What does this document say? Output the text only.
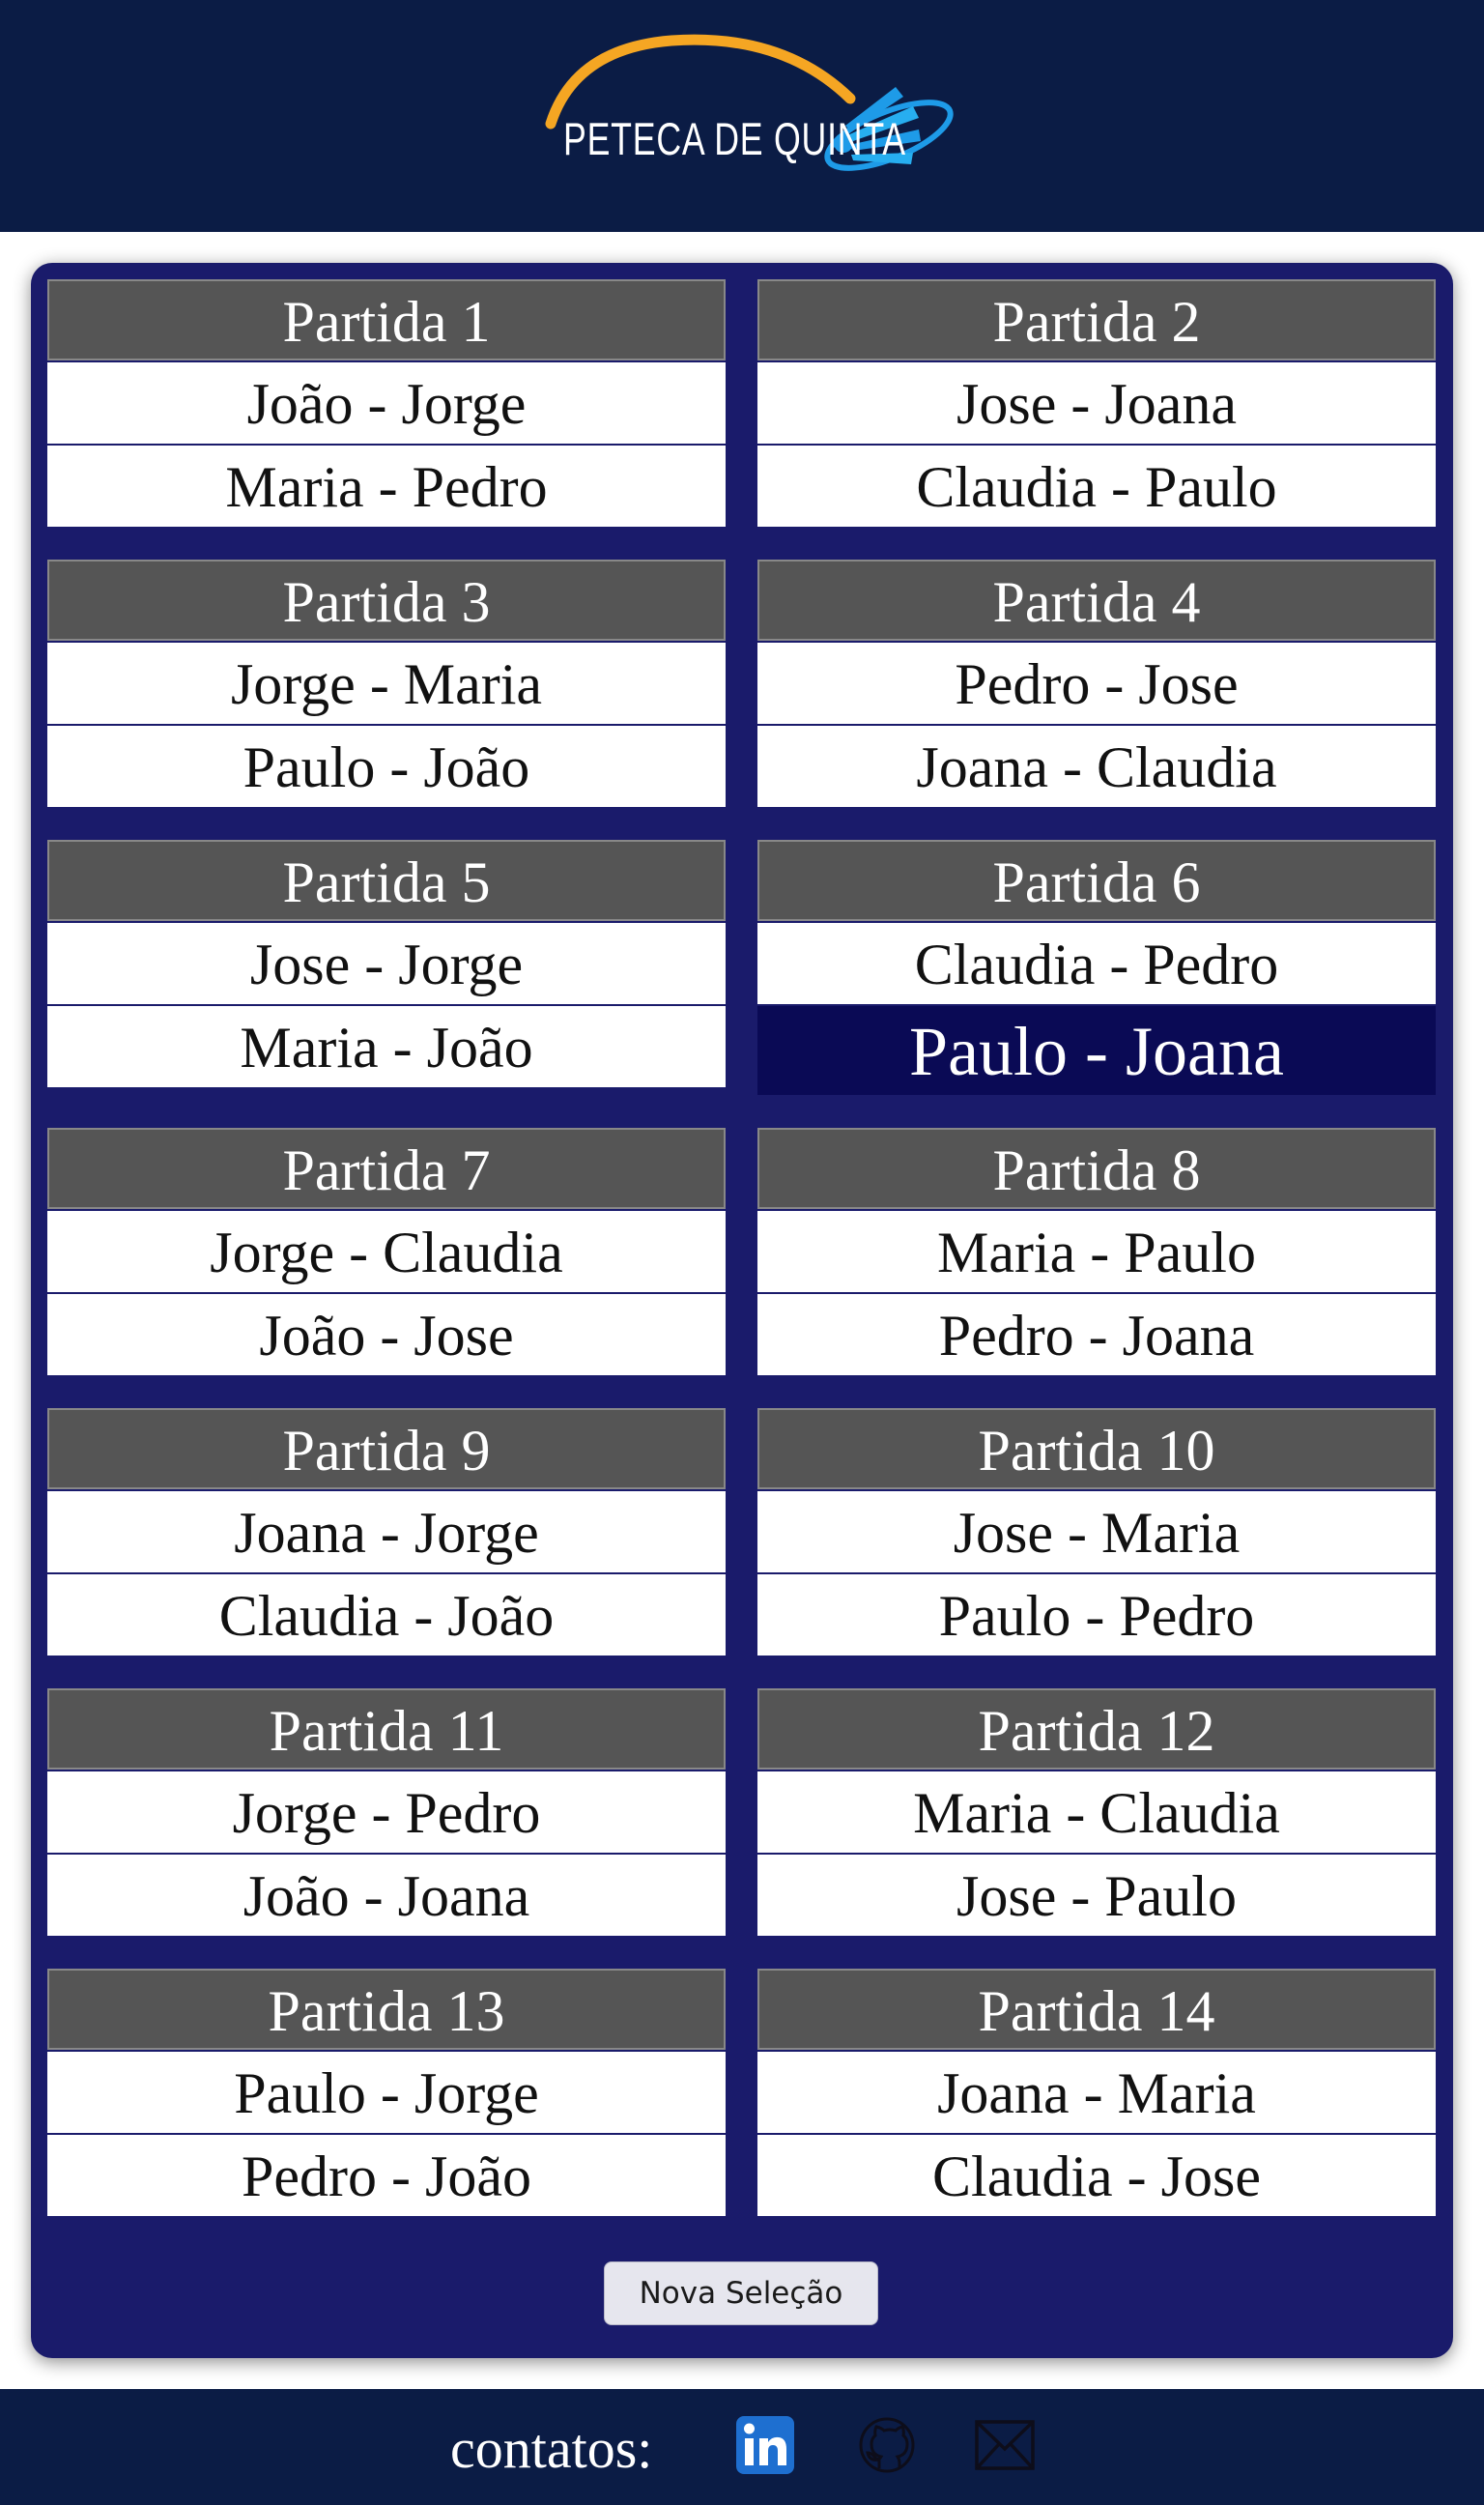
PETECA DE QUINTA
Nova Seleção
Partida 1
João - Jorge
Maria - Pedro
Partida 2
Jose - Joana
Claudia - Paulo
Partida 3
Jorge - Maria
Paulo - João
Partida 4
Pedro - Jose
Joana - Claudia
Partida 5
Jose - Jorge
Maria - João
Partida 6
Claudia - Pedro
Paulo - Joana
Partida 7
Jorge - Claudia
João - Jose
Partida 8
Maria - Paulo
Pedro - Joana
Partida 9
Joana - Jorge
Claudia - João
Partida 10
Jose - Maria
Paulo - Pedro
Partida 11
Jorge - Pedro
João - Joana
Partida 12
Maria - Claudia
Jose - Paulo
Partida 13
Paulo - Jorge
Pedro - João
Partida 14
Joana - Maria
Claudia - Jose
contatos:
